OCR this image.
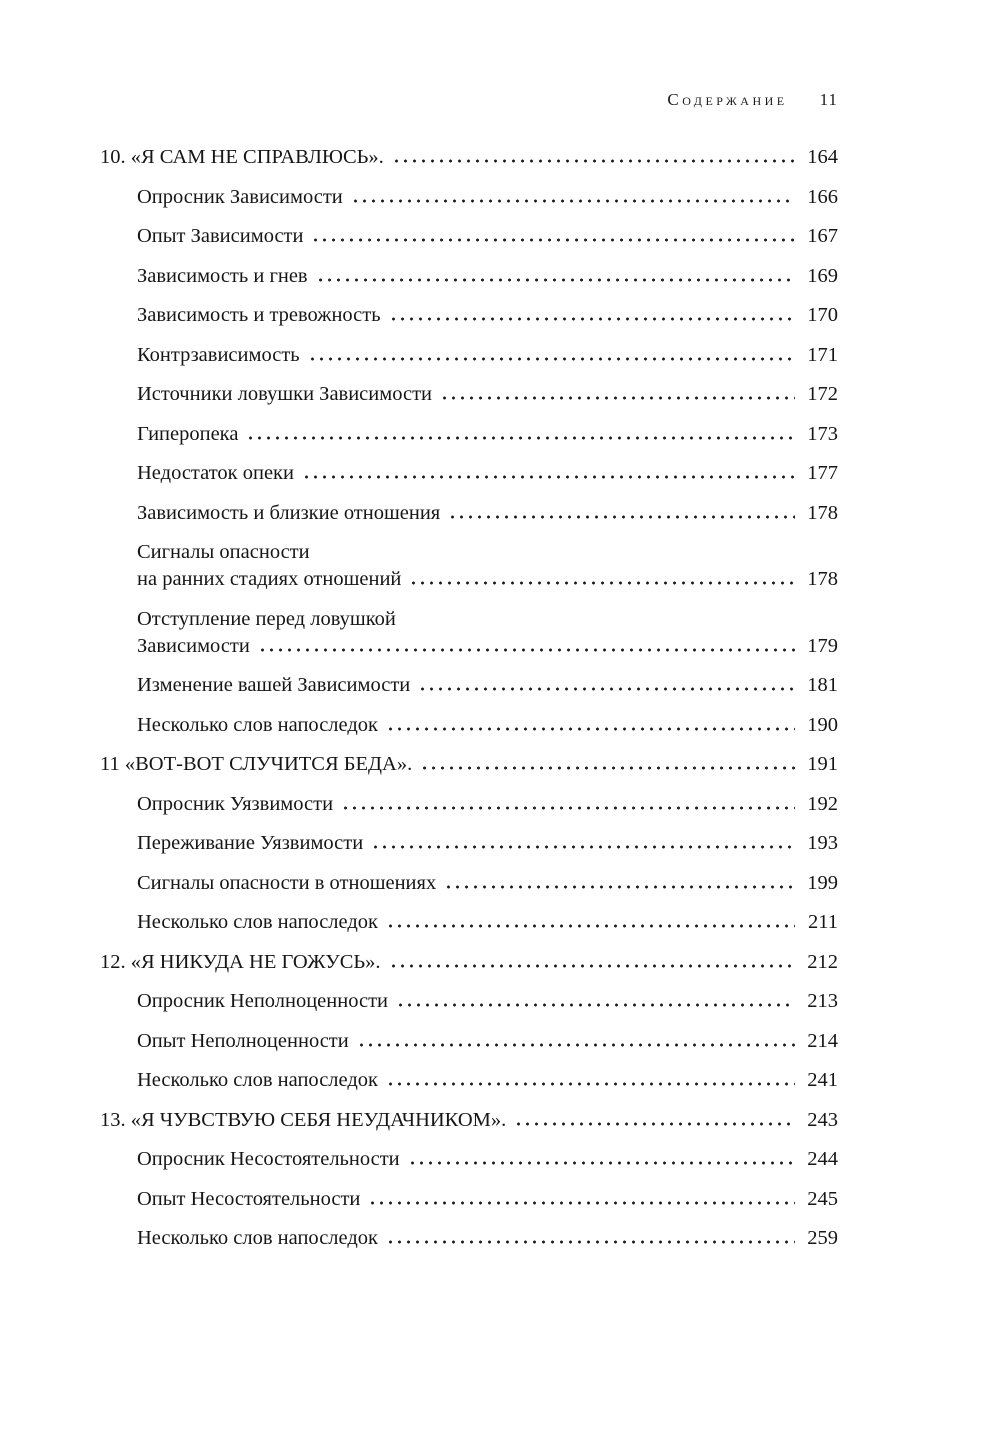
Содержание 11
10. «Я САМ НЕ СПРАВЛЮСЬ».	164
Опросник Зависимости	166
Опыт Зависимости	167
Зависимость и гнев	169
Зависимость и тревожность	170
Контрзависимость	171
Источники ловушки Зависимости	172
Гиперопека	173
Недостаток опеки	177
Зависимость и близкие отношения	178
Сигналы опасности
на ранних стадиях отношений	178
Отступление перед ловушкой
Зависимости	179
Изменение вашей Зависимости	181
Несколько слов напоследок	190
11 «ВОТ-ВОТ СЛУЧИТСЯ БЕДА».	191
Опросник Уязвимости	192
Переживание Уязвимости	193
Сигналы опасности в отношениях	199
Несколько слов напоследок	211
12. «Я НИКУДА НЕ ГОЖУСЬ».	212
Опросник Неполноценности	213
Опыт Неполноценности	214
Несколько слов напоследок	241
13. «Я ЧУВСТВУЮ СЕБЯ НЕУДАЧНИКОМ».	243
Опросник Несостоятельности	244
Опыт Несостоятельности	245
Несколько слов напоследок	259
